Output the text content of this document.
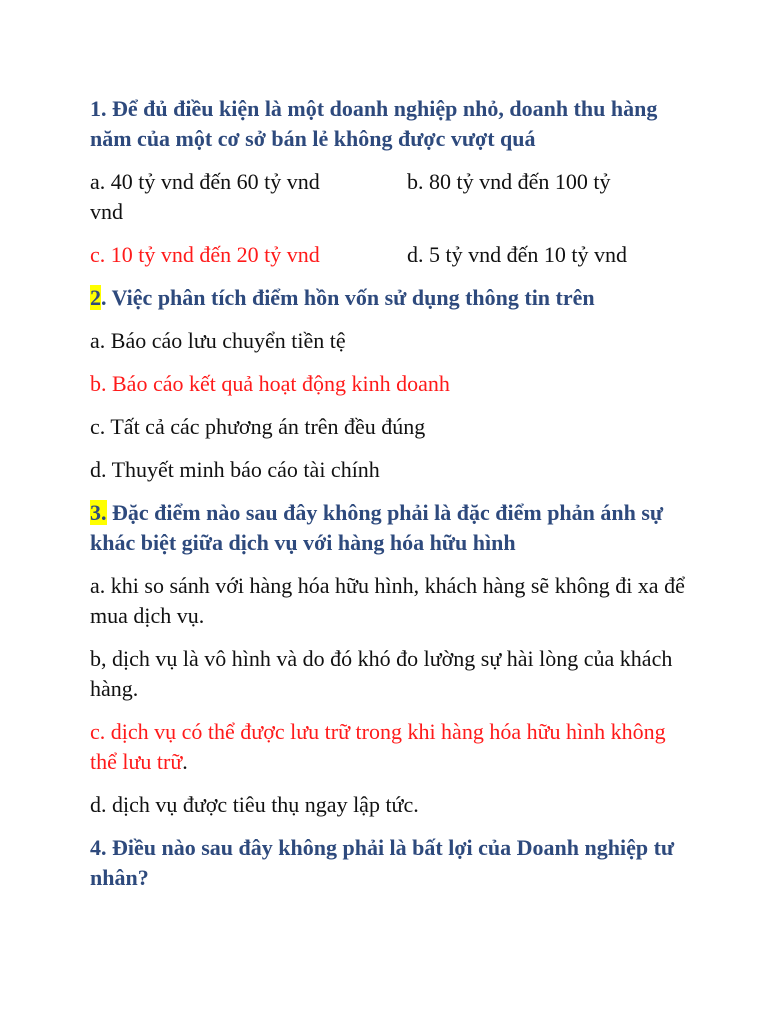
1. Để đủ điều kiện là một doanh nghiệp nhỏ, doanh thu hàng năm của một cơ sở bán lẻ không được vượt quá

a. 40 tỷ vnd đến 60 tỷ vnd	b. 80 tỷ vnd đến 100 tỷ

vnd

c. 10 tỷ vnd đến 20 tỷ vnd	d. 5 tỷ vnd đến 10 tỷ vnd

2. Việc phân tích điểm hồn vốn sử dụng thông tin trên

a. Báo cáo lưu chuyển tiền tệ

b. Báo cáo kết quả hoạt động kinh doanh

c. Tất cả các phương án trên đều đúng

d. Thuyết minh báo cáo tài chính

3. Đặc điểm nào sau đây không phải là đặc điểm phản ánh sự khác biệt giữa dịch vụ với hàng hóa hữu hình

a. khi so sánh với hàng hóa hữu hình, khách hàng sẽ không đi xa để mua dịch vụ.

b, dịch vụ là vô hình và do đó khó đo lường sự hài lòng của khách hàng.

c. dịch vụ có thể được lưu trữ trong khi hàng hóa hữu hình không thể lưu trữ.

d. dịch vụ được tiêu thụ ngay lập tức.

4. Điều nào sau đây không phải là bất lợi của Doanh nghiệp tư nhân?
